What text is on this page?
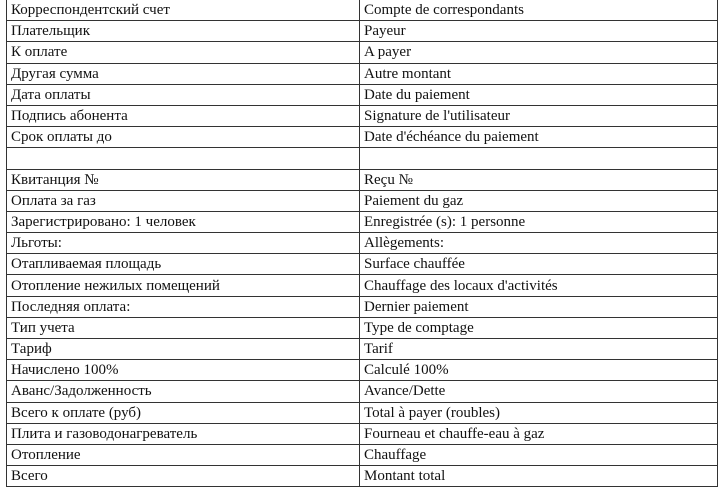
Корреспондентский счет	Compte de correspondants
Плательщик	Payeur
К оплате	A payer
Другая сумма	Autre montant
Дата оплаты	Date du paiement
Подпись абонента	Signature de l'utilisateur
Срок оплаты до	Date d'échéance du paiement

Квитанция №	Reçu №
Оплата за газ	Paiement du gaz
Зарегистрировано: 1 человек	Enregistrée (s): 1 personne
Льготы:	Allègements:
Отапливаемая площадь	Surface chauffée
Отопление нежилых помещений	Chauffage des locaux d'activités
Последняя оплата:	Dernier paiement
Тип учета	Type de comptage
Тариф	Tarif
Начислено 100%	Calculé 100%
Аванс/Задолженность	Avance/Dette
Всего к оплате (руб)	Total à payer (roubles)
Плита и газоводонагреватель	Fourneau et chauffe-eau à gaz
Отопление	Chauffage
Всего	Montant total
